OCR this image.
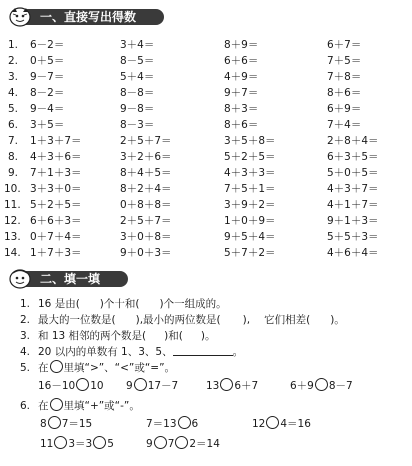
一、直接写出得数
1.	6－2＝	3＋4＝	8＋9＝	6＋7＝
2.	0＋5＝	8－5＝	6＋6＝	7＋5＝
3.	9－7＝	5＋4＝	4＋9＝	7＋8＝
4.	8－2＝	8－8＝	9＋7＝	8＋6＝
5.	9－4＝	9－8＝	8＋3＝	6＋9＝
6.	3＋5＝	8－3＝	8＋6＝	7＋4＝
7.	1＋3＋7＝	2＋5＋7＝	3＋5＋8＝	2＋8＋4＝
8.	4＋3＋6＝	3＋2＋6＝	5＋2＋5＝	6＋3＋5＝
9.	7＋1＋3＝	8＋4＋5＝	4＋3＋3＝	5＋0＋5＝
10. 3＋3＋0＝	8＋2＋4＝	7＋5＋1＝	4＋3＋7＝
11. 5＋2＋5＝	0＋8＋8＝	3＋9＋2＝	4＋1＋7＝
12. 6＋6＋3＝	2＋5＋7＝	1＋0＋9＝	9＋1＋3＝
13. 0＋7＋4＝	3＋0＋8＝	9＋5＋4＝	5＋5＋3＝
14. 1＋7＋3＝	9＋0＋3＝	5＋7＋2＝	4＋6＋4＝
二、填一填
1. 16 是由( )个十和( )个一组成的。
2. 最大的一位数是( ),最小的两位数是( ), 它们相差( )。
3. 和 13 相邻的两个数是( )和( )。
4. 20 以内的单数有 1、3、5、	。
5. 在 里填“>”、“<”或“=”。
16－10 10 9 17－7	13 6＋7	6＋9 8－7
6. 在 里填“+”或“-”。
8 7＝15	7＝13 6	12 4＝16
11 3＝3 5	9 7 2＝14
